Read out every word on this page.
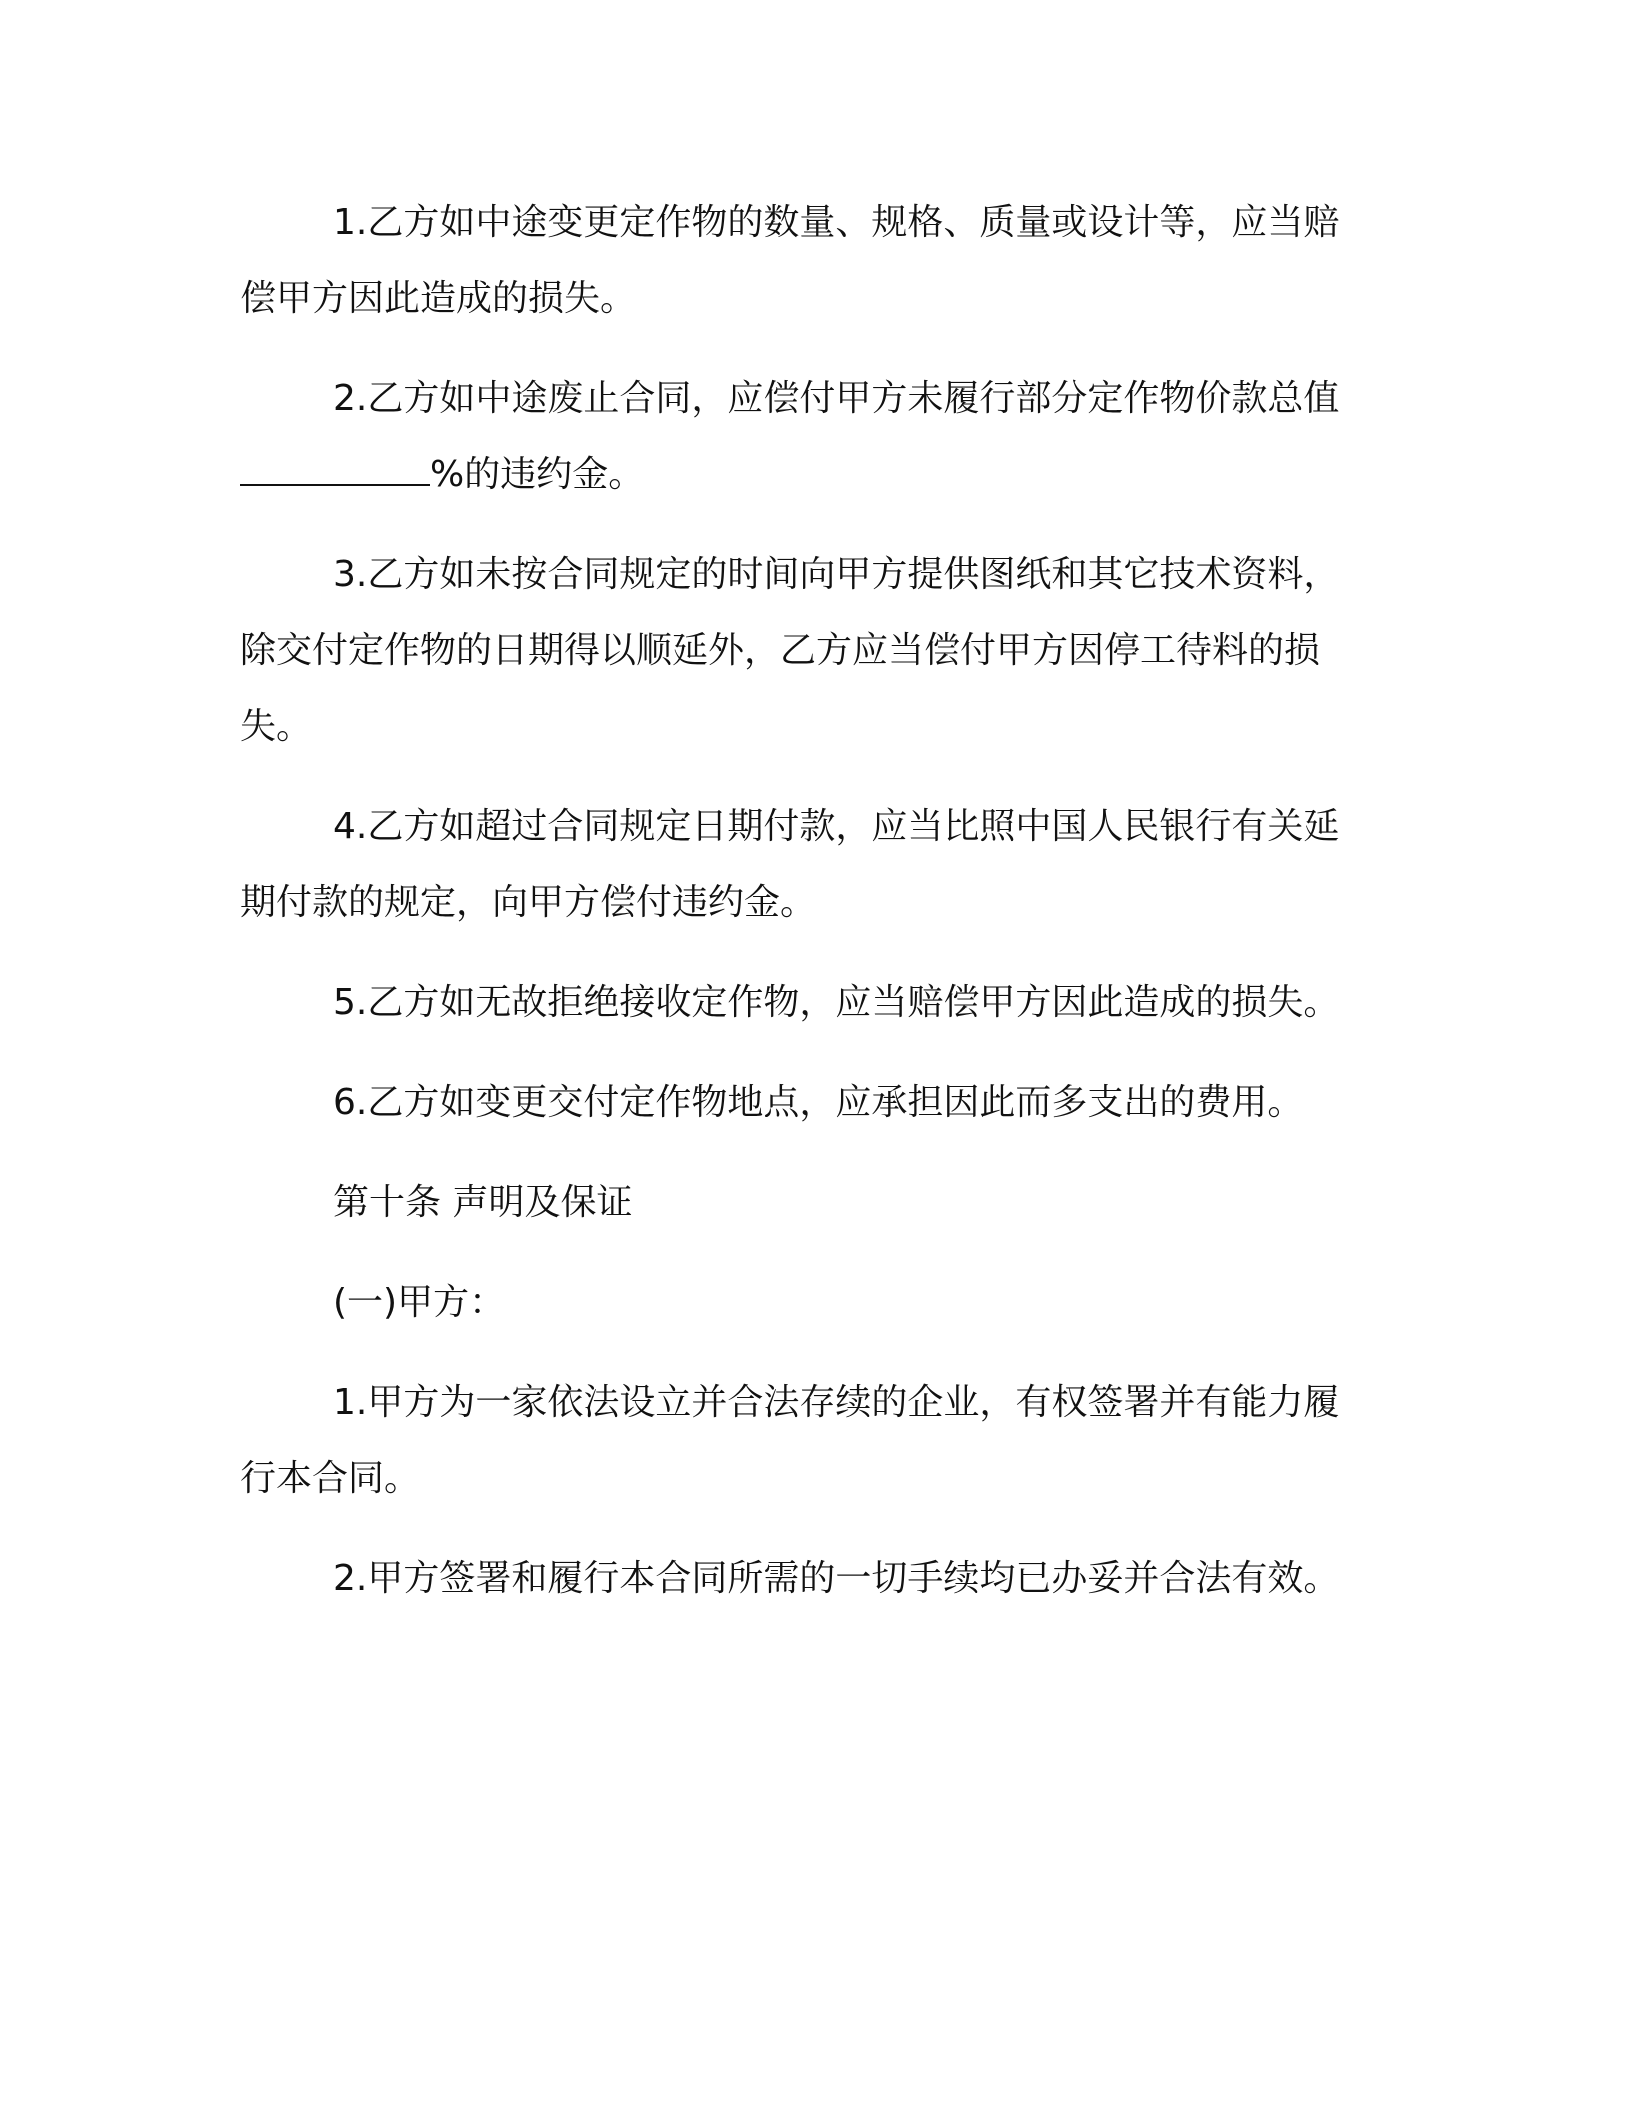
1.乙方如中途变更定作物的数量、规格、质量或设计等，应当赔偿甲方因此造成的损失。

2.乙方如中途废止合同，应偿付甲方未履行部分定作物价款总值%的违约金。

3.乙方如未按合同规定的时间向甲方提供图纸和其它技术资料，除交付定作物的日期得以顺延外，乙方应当偿付甲方因停工待料的损失。

4.乙方如超过合同规定日期付款，应当比照中国人民银行有关延期付款的规定，向甲方偿付违约金。

5.乙方如无故拒绝接收定作物，应当赔偿甲方因此造成的损失。

6.乙方如变更交付定作物地点，应承担因此而多支出的费用。

第十条 声明及保证

(一)甲方：

1.甲方为一家依法设立并合法存续的企业，有权签署并有能力履行本合同。

2.甲方签署和履行本合同所需的一切手续均已办妥并合法有效。
